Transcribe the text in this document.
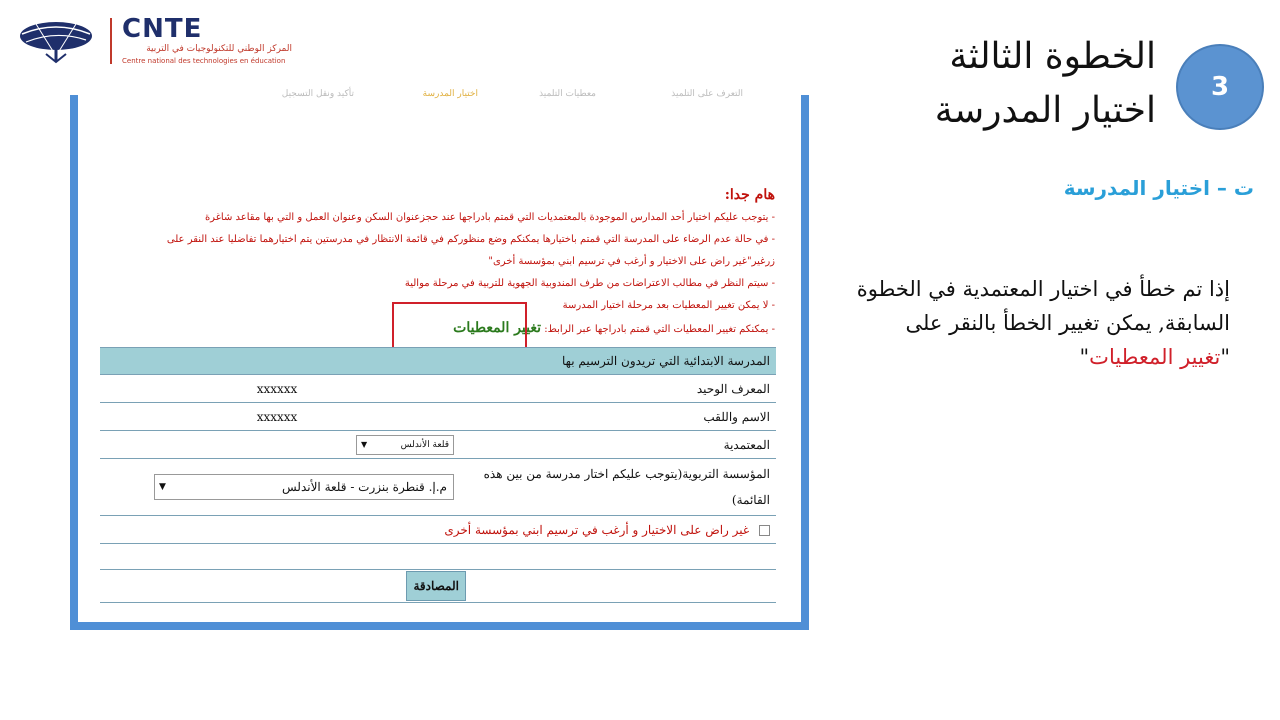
CNTE
المركز الوطني للتكنولوجيات في التربية
Centre national des technologies en éducation
التعرف على التلميذ
معطيات التلميذ
اختيار المدرسة
تأكيد ونقل التسجيل
هام جدا:
- يتوجب عليكم اختيار أحد المدارس الموجودة بالمعتمديات التي قمتم بادراجها عند حجزعنوان السكن وعنوان العمل و التي بها مقاعد شاغرة
- في حالة عدم الرضاء على المدرسة التي قمتم باختيارها يمكنكم وضع منظوركم في قائمة الانتظار في مدرستين يتم اختيارهما تفاضليا عند النقر على
زرغير"غير راض على الاختيار و أرغب في ترسيم ابني بمؤسسة أخرى"
- سيتم النظر في مطالب الاعتراضات من طرف المندوبية الجهوية للتربية في مرحلة موالية
- لا يمكن تغيير المعطيات بعد مرحلة اختيار المدرسة
- يمكنكم تغيير المعطيات التي قمتم بادراجها عبر الرابط: تغيير المعطيات
المدرسة الابتدائية التي تريدون الترسيم بها	
المعرف الوحيد	xxxxxx
الاسم واللقب	xxxxxx
المعتمدية	قلعة الأندلس
▼

المؤسسة التربوية(يتوجب عليكم اختار مدرسة من بين هذه القائمة)	م.إ. قنطرة بنزرت - قلعة الأندلس
▼

غير راض على الاختيار و أرغب في ترسيم ابني بمؤسسة أخرى	

المصادقة	
3
الخطوة الثالثة
اختيار المدرسة
ت – اختيار المدرسة
إذا تم خطأ في اختيار المعتمدية في الخطوة السابقة, يمكن تغيير الخطأ بالنقر على "تغيير المعطيات"
